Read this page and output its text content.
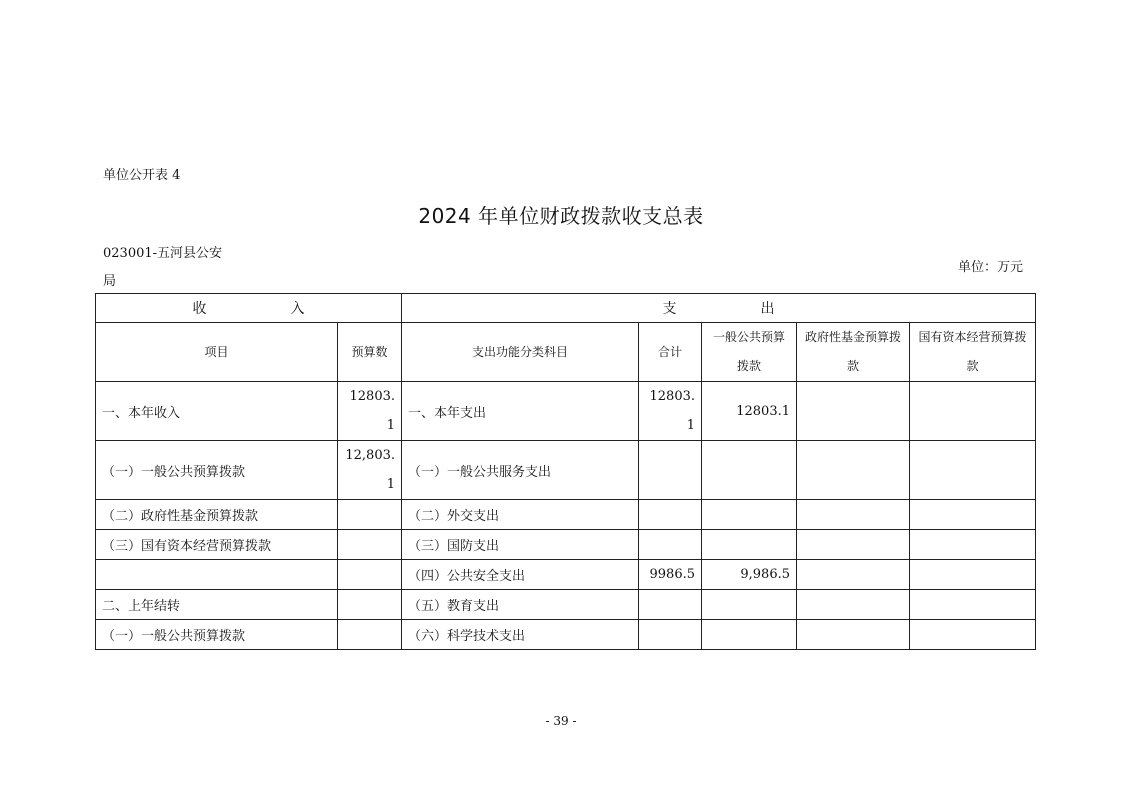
单位公开表 4
2024 年单位财政拨款收支总表
023001-五河县公安局
单位：万元
收　　　　　　入		支　　　　　　出				
项目	预算数	支出功能分类科目	合计	一般公共预算拨款	政府性基金预算拨款	国有资本经营预算拨款
一、本年收入	12803.1	一、本年支出	12803.1	12803.1		
（一）一般公共预算拨款	12,803.1	（一）一般公共服务支出				
（二）政府性基金预算拨款		（二）外交支出				
（三）国有资本经营预算拨款		（三）国防支出				
		（四）公共安全支出	9986.5	9,986.5		
二、上年结转		（五）教育支出				
（一）一般公共预算拨款		（六）科学技术支出				
- 39 -
